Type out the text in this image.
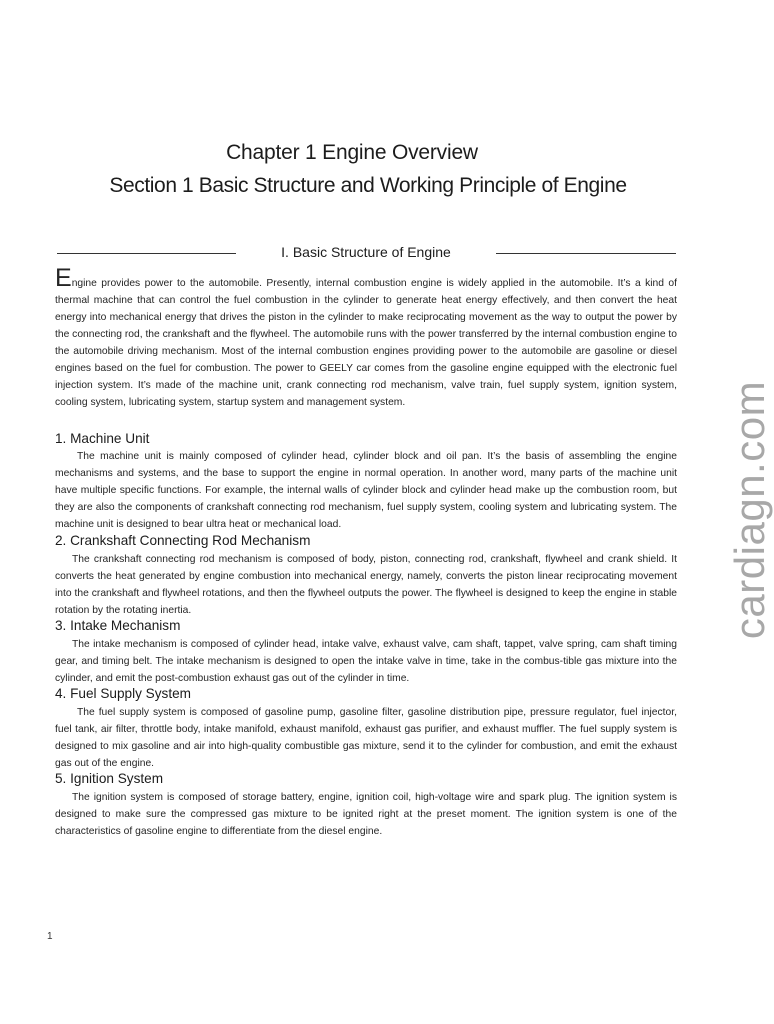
Chapter 1 Engine Overview
Section 1 Basic Structure and Working Principle of Engine
I. Basic Structure of Engine

Engine provides power to the automobile. Presently, internal combustion engine is widely applied in the automobile. It’s a kind of thermal machine that can control the fuel combustion in the cylinder to generate heat energy effectively, and then convert the heat energy into mechanical energy that drives the piston in the cylinder to make reciprocating movement as the way to output the power by the connecting rod, the crankshaft and the flywheel. The automobile runs with the power transferred by the internal combustion engine to the automobile driving mechanism. Most of the internal combustion engines providing power to the automobile are gasoline or diesel engines based on the fuel for combustion. The power to GEELY car comes from the gasoline engine equipped with the electronic fuel injection system. It’s made of the machine unit, crank connecting rod mechanism, valve train, fuel supply system, ignition system, cooling system, lubricating system, startup system and management system.

1. Machine Unit

The machine unit is mainly composed of cylinder head, cylinder block and oil pan. It’s the basis of assembling the engine mechanisms and systems, and the base to support the engine in normal operation. In another word, many parts of the machine unit have multiple specific functions. For example, the internal walls of cylinder block and cylinder head make up the combustion room, but they are also the components of crankshaft connecting rod mechanism, fuel supply system, cooling system and lubricating system. The machine unit is designed to bear ultra heat or mechanical load.

2. Crankshaft Connecting Rod Mechanism

The crankshaft connecting rod mechanism is composed of body, piston, connecting rod, crankshaft, flywheel and crank shield. It converts the heat generated by engine combustion into mechanical energy, namely, converts the piston linear reciprocating movement into the crankshaft and flywheel rotations, and then the flywheel outputs the power. The flywheel is designed to keep the engine in stable rotation by the rotating inertia.

3. Intake Mechanism

The intake mechanism is composed of cylinder head, intake valve, exhaust valve, cam shaft, tappet, valve spring, cam shaft timing gear, and timing belt. The intake mechanism is designed to open the intake valve in time, take in the combus-tible gas mixture into the cylinder, and emit the post-combustion exhaust gas out of the cylinder in time.

4. Fuel Supply System

The fuel supply system is composed of gasoline pump, gasoline filter, gasoline distribution pipe, pressure regulator, fuel injector, fuel tank, air filter, throttle body, intake manifold, exhaust manifold, exhaust gas purifier, and exhaust muffler. The fuel supply system is designed to mix gasoline and air into high-quality combustible gas mixture, send it to the cylinder for combustion, and emit the exhaust gas out of the engine.

5. Ignition System

The ignition system is composed of storage battery, engine, ignition coil, high-voltage wire and spark plug. The ignition system is designed to make sure the compressed gas mixture to be ignited right at the preset moment. The ignition system is one of the characteristics of gasoline engine to differentiate from the diesel engine.

1
cardiagn.com
